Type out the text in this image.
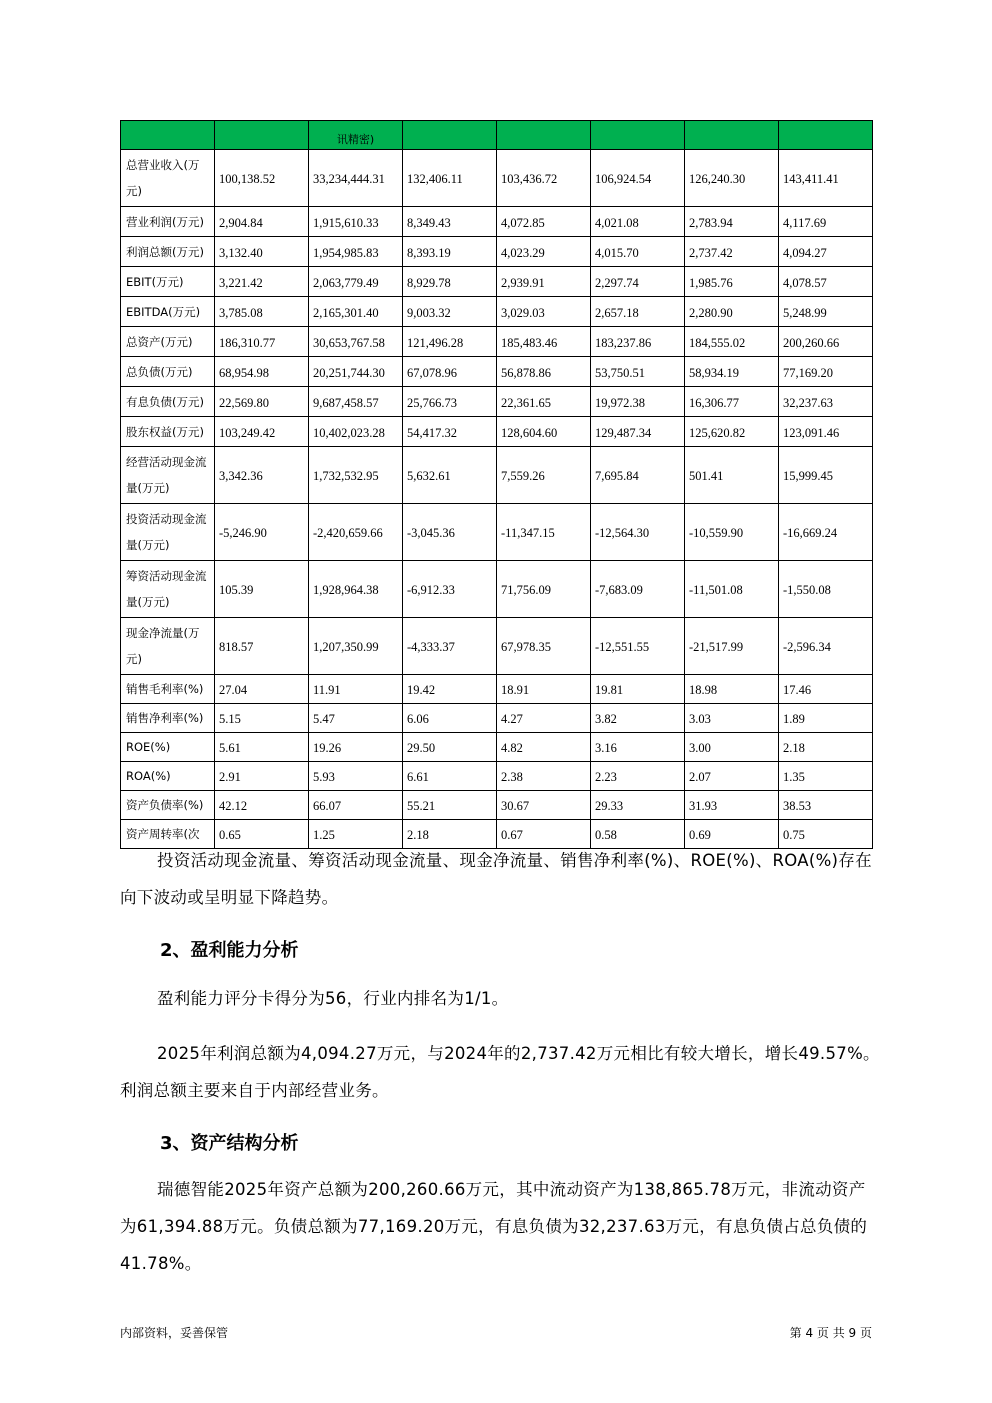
		讯精密)					
总营业收入(万元)	100,138.52	33,234,444.31	132,406.11	103,436.72	106,924.54	126,240.30	143,411.41
营业利润(万元)	2,904.84	1,915,610.33	8,349.43	4,072.85	4,021.08	2,783.94	4,117.69
利润总额(万元)	3,132.40	1,954,985.83	8,393.19	4,023.29	4,015.70	2,737.42	4,094.27
EBIT(万元)	3,221.42	2,063,779.49	8,929.78	2,939.91	2,297.74	1,985.76	4,078.57
EBITDA(万元)	3,785.08	2,165,301.40	9,003.32	3,029.03	2,657.18	2,280.90	5,248.99
总资产(万元)	186,310.77	30,653,767.58	121,496.28	185,483.46	183,237.86	184,555.02	200,260.66
总负债(万元)	68,954.98	20,251,744.30	67,078.96	56,878.86	53,750.51	58,934.19	77,169.20
有息负债(万元)	22,569.80	9,687,458.57	25,766.73	22,361.65	19,972.38	16,306.77	32,237.63
股东权益(万元)	103,249.42	10,402,023.28	54,417.32	128,604.60	129,487.34	125,620.82	123,091.46
经营活动现金流量(万元)	3,342.36	1,732,532.95	5,632.61	7,559.26	7,695.84	501.41	15,999.45
投资活动现金流量(万元)	-5,246.90	-2,420,659.66	-3,045.36	-11,347.15	-12,564.30	-10,559.90	-16,669.24
筹资活动现金流量(万元)	105.39	1,928,964.38	-6,912.33	71,756.09	-7,683.09	-11,501.08	-1,550.08
现金净流量(万元)	818.57	1,207,350.99	-4,333.37	67,978.35	-12,551.55	-21,517.99	-2,596.34
销售毛利率(%)	27.04	11.91	19.42	18.91	19.81	18.98	17.46
销售净利率(%)	5.15	5.47	6.06	4.27	3.82	3.03	1.89
ROE(%)	5.61	19.26	29.50	4.82	3.16	3.00	2.18
ROA(%)	2.91	5.93	6.61	2.38	2.23	2.07	1.35
资产负债率(%)	42.12	66.07	55.21	30.67	29.33	31.93	38.53
资产周转率(次	0.65	1.25	2.18	0.67	0.58	0.69	0.75
投资活动现金流量、筹资活动现金流量、现金净流量、销售净利率(%)、ROE(%)、ROA(%)存在向下波动或呈明显下降趋势。
2、盈利能力分析
盈利能力评分卡得分为56，行业内排名为1/1。
2025年利润总额为4,094.27万元，与2024年的2,737.42万元相比有较大增长，增长49.57%。利润总额主要来自于内部经营业务。
3、资产结构分析
瑞德智能2025年资产总额为200,260.66万元，其中流动资产为138,865.78万元，非流动资产为61,394.88万元。负债总额为77,169.20万元，有息负债为32,237.63万元，有息负债占总负债的41.78%。
内部资料，妥善保管	第 4 页 共 9 页
